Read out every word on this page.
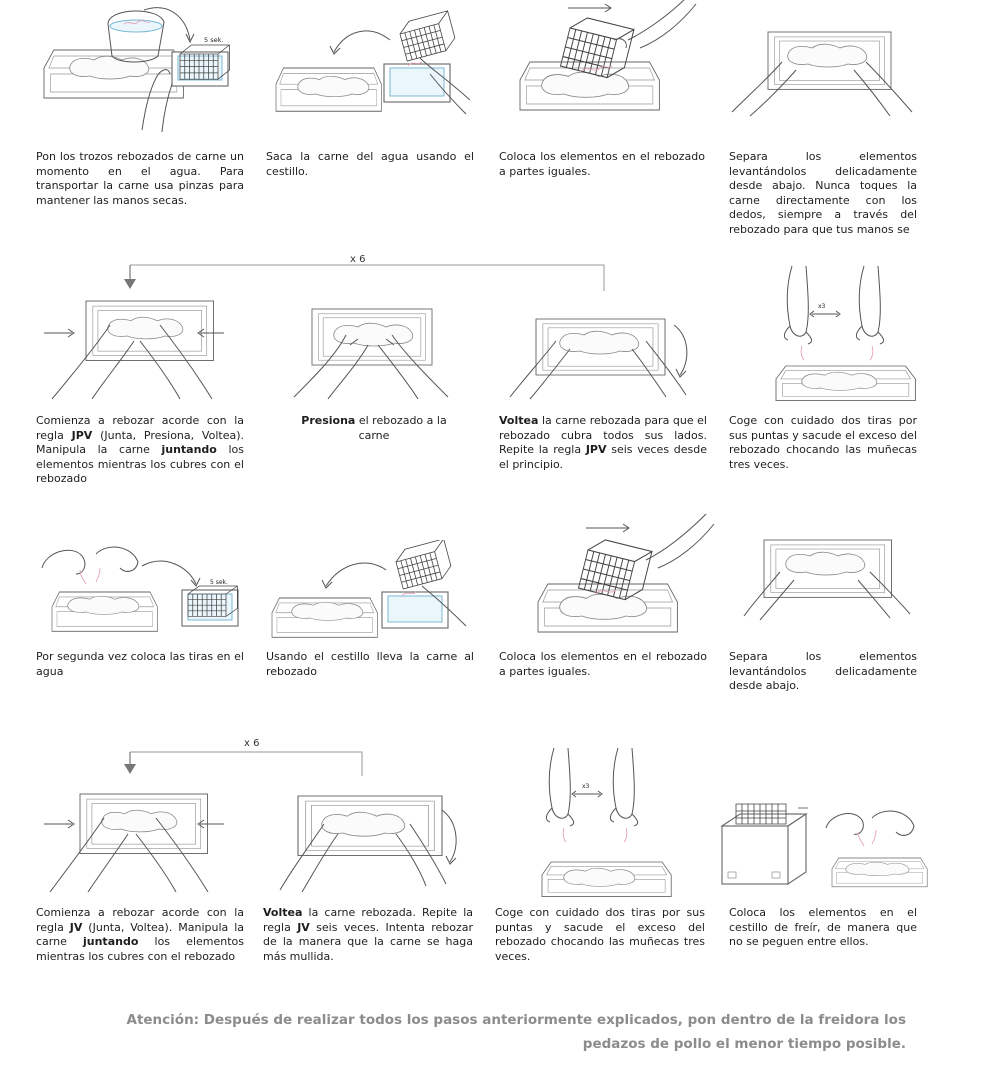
5 sek.
Pon los trozos rebozados de carne un momento en el agua. Para transportar la carne usa pinzas para mantener las manos secas.
Saca la carne del agua usando el cestillo.
Coloca los elementos en el rebozado a partes iguales.
Separa los elementos levantándolos delicadamente desde abajo. Nunca toques la carne directamente con los dedos, siempre a través del rebozado para que tus manos se
x 6
x3
Comienza a rebozar acorde con la regla JPV (Junta, Presiona, Voltea). Manipula la carne juntando los elementos mientras los cubres con el rebozado
Presiona el rebozado a la carne
Voltea la carne rebozada para que el rebozado cubra todos sus lados. Repite la regla JPV seis veces desde el principio.
Coge con cuidado dos tiras por sus puntas y sacude el exceso del rebozado chocando las muñecas tres veces.
5 sek.
Por segunda vez coloca las tiras en el agua
Usando el cestillo lleva la carne al rebozado
Coloca los elementos en el rebozado a partes iguales.
Separa los elementos levantándolos delicadamente desde abajo.
x 6
x3
Comienza a rebozar acorde con la regla JV (Junta, Voltea). Manipula la carne juntando los elementos mientras los cubres con el rebozado
Voltea la carne rebozada. Repite la regla JV seis veces. Intenta rebozar de la manera que la carne se haga más mullida.
Coge con cuidado dos tiras por sus puntas y sacude el exceso del rebozado chocando las muñecas tres veces.
Coloca los elementos en el cestillo de freír, de manera que no se peguen entre ellos.
Atención: Después de realizar todos los pasos anteriormente explicados, pon dentro de la freidora los pedazos de pollo el menor tiempo posible.
